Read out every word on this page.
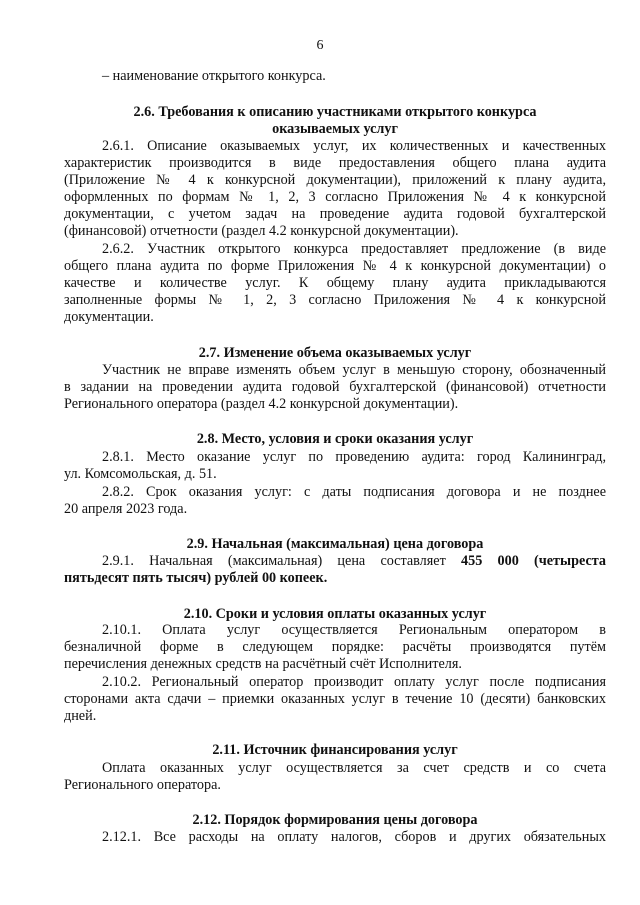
6
– наименование открытого конкурса.
2.6. Требования к описанию участниками открытого конкурса
оказываемых услуг
2.6.1. Описание оказываемых услуг, их количественных и качественных
характеристик производится в виде предоставления общего плана аудита
(Приложение № 4 к конкурсной документации), приложений к плану аудита,
оформленных по формам № 1, 2, 3 согласно Приложения № 4 к конкурсной
документации, с учетом задач на проведение аудита годовой бухгалтерской
(финансовой) отчетности (раздел 4.2 конкурсной документации).
2.6.2. Участник открытого конкурса предоставляет предложение (в виде
общего плана аудита по форме Приложения № 4 к конкурсной документации) о
качестве и количестве услуг. К общему плану аудита прикладываются
заполненные формы № 1, 2, 3 согласно Приложения № 4 к конкурсной
документации.
2.7. Изменение объема оказываемых услуг
Участник не вправе изменять объем услуг в меньшую сторону, обозначенный
в задании на проведении аудита годовой бухгалтерской (финансовой) отчетности
Регионального оператора (раздел 4.2 конкурсной документации).
2.8. Место, условия и сроки оказания услуг
2.8.1. Место оказание услуг по проведению аудита: город Калининград,
ул. Комсомольская, д. 51.
2.8.2. Срок оказания услуг: с даты подписания договора и не позднее
20 апреля 2023 года.
2.9. Начальная (максимальная) цена договора
2.9.1. Начальная (максимальная) цена составляет 455 000 (четыреста
пятьдесят пять тысяч) рублей 00 копеек.
2.10. Сроки и условия оплаты оказанных услуг
2.10.1. Оплата услуг осуществляется Региональным оператором в
безналичной форме в следующем порядке: расчёты производятся путём
перечисления денежных средств на расчётный счёт Исполнителя.
2.10.2. Региональный оператор производит оплату услуг после подписания
сторонами акта сдачи – приемки оказанных услуг в течение 10 (десяти) банковских
дней.
2.11. Источник финансирования услуг
Оплата оказанных услуг осуществляется за счет средств и со счета
Регионального оператора.
2.12. Порядок формирования цены договора
2.12.1. Все расходы на оплату налогов, сборов и других обязательных
